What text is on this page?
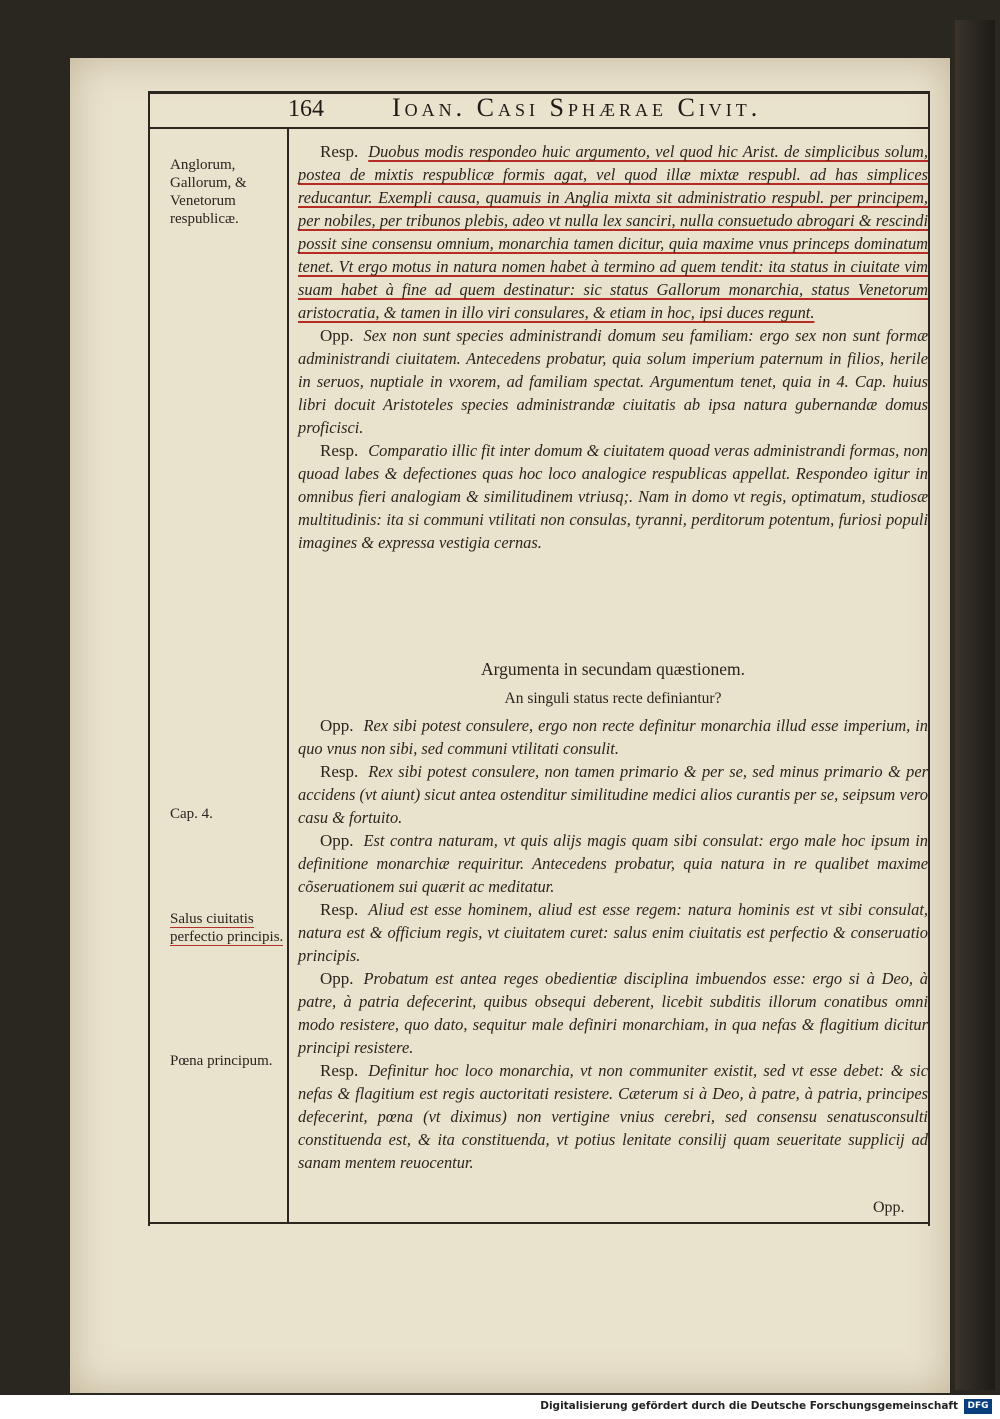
164	Ioan. Casi Sphærae Civit.
Anglorum, Gallorum, & Venetorum respublicæ.
Cap. 4.
Salus ciuitatis perfectio principis.
Pœna principum.

Resp. Duobus modis respondeo huic argumento, vel quod hic Arist. de simplicibus solum, postea de mixtis respublicæ formis agat, vel quod illæ mixtæ respubl. ad has simplices reducantur. Exempli causa, quamuis in Anglia mixta sit administratio respubl. per principem, per nobiles, per tribunos plebis, adeo vt nulla lex sanciri, nulla consuetudo abrogari & rescindi possit sine consensu omnium, monarchia tamen dicitur, quia maxime vnus princeps dominatum tenet. Vt ergo motus in natura nomen habet à termino ad quem tendit: ita status in ciuitate vim suam habet à fine ad quem destinatur: sic status Gallorum monarchia, status Venetorum aristocratia, & tamen in illo viri consulares, & etiam in hoc, ipsi duces regunt.

Opp. Sex non sunt species administrandi domum seu familiam: ergo sex non sunt formæ administrandi ciuitatem. Antecedens probatur, quia solum imperium paternum in filios, herile in seruos, nuptiale in vxorem, ad familiam spectat. Argumentum tenet, quia in 4. Cap. huius libri docuit Aristoteles species administrandæ ciuitatis ab ipsa natura gubernandæ domus proficisci.

Resp. Comparatio illic fit inter domum & ciuitatem quoad veras administrandi formas, non quoad labes & defectiones quas hoc loco analogice respublicas appellat. Respondeo igitur in omnibus fieri analogiam & similitudinem vtriusq;. Nam in domo vt regis, optimatum, studiosæ multitudinis: ita si communi vtilitati non consulas, tyranni, perditorum potentum, furiosi populi imagines & expressa vestigia cernas.

Argumenta in secundam quæstionem.
An singuli status recte definiantur?

Opp. Rex sibi potest consulere, ergo non recte definitur monarchia illud esse imperium, in quo vnus non sibi, sed communi vtilitati consulit.

Resp. Rex sibi potest consulere, non tamen primario & per se, sed minus primario & per accidens (vt aiunt) sicut antea ostenditur similitudine medici alios curantis per se, seipsum vero casu & fortuito.

Opp. Est contra naturam, vt quis alijs magis quam sibi consulat: ergo male hoc ipsum in definitione monarchiæ requiritur. Antecedens probatur, quia natura in re qualibet maxime cõseruationem sui quærit ac meditatur.

Resp. Aliud est esse hominem, aliud est esse regem: natura hominis est vt sibi consulat, natura est & officium regis, vt ciuitatem curet: salus enim ciuitatis est perfectio & conseruatio principis.

Opp. Probatum est antea reges obedientiæ disciplina imbuendos esse: ergo si à Deo, à patre, à patria defecerint, quibus obsequi deberent, licebit subditis illorum conatibus omni modo resistere, quo dato, sequitur male definiri monarchiam, in qua nefas & flagitium dicitur principi resistere.

Resp. Definitur hoc loco monarchia, vt non communiter existit, sed vt esse debet: & sic nefas & flagitium est regis auctoritati resistere. Cæterum si à Deo, à patre, à patria, principes defecerint, pœna (vt diximus) non vertigine vnius cerebri, sed consensu senatusconsulti constituenda est, & ita constituenda, vt potius lenitate consilij quam seueritate supplicij ad sanam mentem reuocentur.

Opp.
Digitalisierung gefördert durch die Deutsche Forschungsgemeinschaft	DFG
